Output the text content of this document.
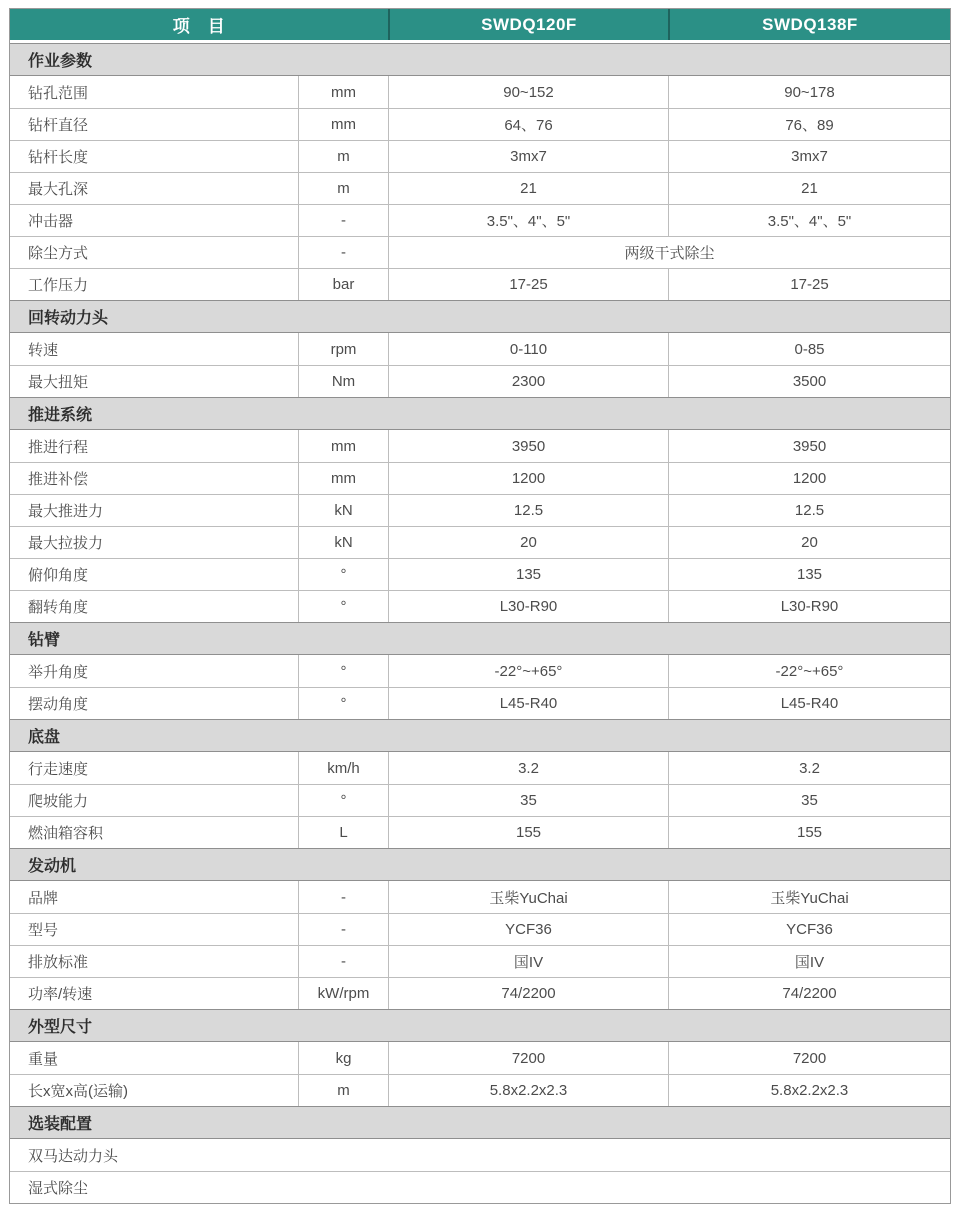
项　目	SWDQ120F	SWDQ138F
作业参数
钻孔范围	mm	90~152	90~178
钻杆直径	mm	64、76	76、89
钻杆长度	m	3mx7	3mx7
最大孔深	m	21	21
冲击器	-	3.5"、4"、5"	3.5"、4"、5"
除尘方式	-	两级干式除尘
工作压力	bar	17-25	17-25
回转动力头
转速	rpm	0-110	0-85
最大扭矩	Nm	2300	3500
推进系统
推进行程	mm	3950	3950
推进补偿	mm	1200	1200
最大推进力	kN	12.5	12.5
最大拉拔力	kN	20	20
俯仰角度	°	135	135
翻转角度	°	L30-R90	L30-R90
钻臂
举升角度	°	-22°~+65°	-22°~+65°
摆动角度	°	L45-R40	L45-R40
底盘
行走速度	km/h	3.2	3.2
爬坡能力	°	35	35
燃油箱容积	L	155	155
发动机
品牌	-	玉柴YuChai	玉柴YuChai
型号	-	YCF36	YCF36
排放标准	-	国IV	国IV
功率/转速	kW/rpm	74/2200	74/2200
外型尺寸
重量	kg	7200	7200
长x宽x高(运输)	m	5.8x2.2x2.3	5.8x2.2x2.3
选装配置
双马达动力头
湿式除尘
